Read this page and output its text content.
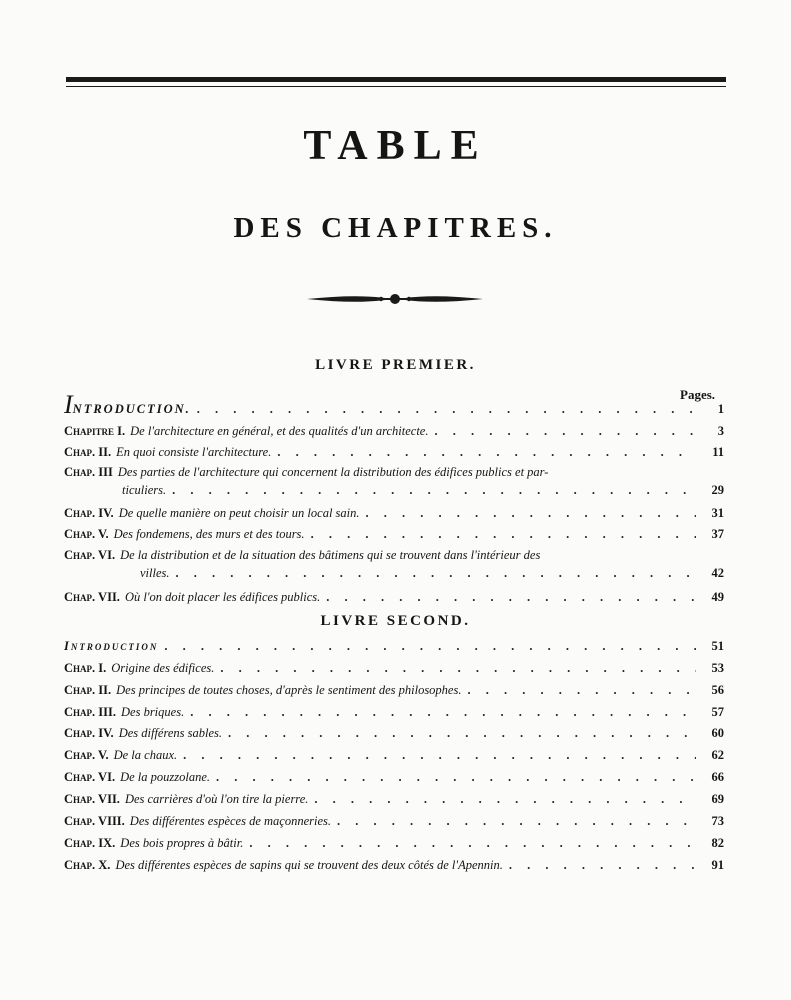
TABLE
DES CHAPITRES.
LIVRE PREMIER.
Pages.
INTRODUCTION. . . .	1
Chapitre I. De l'architecture en général, et des qualités d'un architecte. . . .	3
Chap. II. En quoi consiste l'architecture. . . .	11
Chap. III Des parties de l'architecture qui concernent la distribution des édifices publics et par-
ticuliers. . . .	29
Chap. IV. De quelle manière on peut choisir un local sain. . . .	31
Chap. V. Des fondemens, des murs et des tours. . . .	37
Chap. VI. De la distribution et de la situation des bâtimens qui se trouvent dans l'intérieur des
villes. . . .	42
Chap. VII. Où l'on doit placer les édifices publics. . . .	49
LIVRE SECOND.
Introduction . . .	51
Chap. I. Origine des édifices. . . .	53
Chap. II. Des principes de toutes choses, d'après le sentiment des philosophes. . . .	56
Chap. III. Des briques. . . .	57
Chap. IV. Des différens sables. . . .	60
Chap. V. De la chaux. . . .	62
Chap. VI. De la pouzzolane. . . .	66
Chap. VII. Des carrières d'où l'on tire la pierre. . . .	69
Chap. VIII. Des différentes espèces de maçonneries. . . .	73
Chap. IX. Des bois propres à bâtir. . . .	82
Chap. X. Des différentes espèces de sapins qui se trouvent des deux côtés de l'Apennin. . . .	91
